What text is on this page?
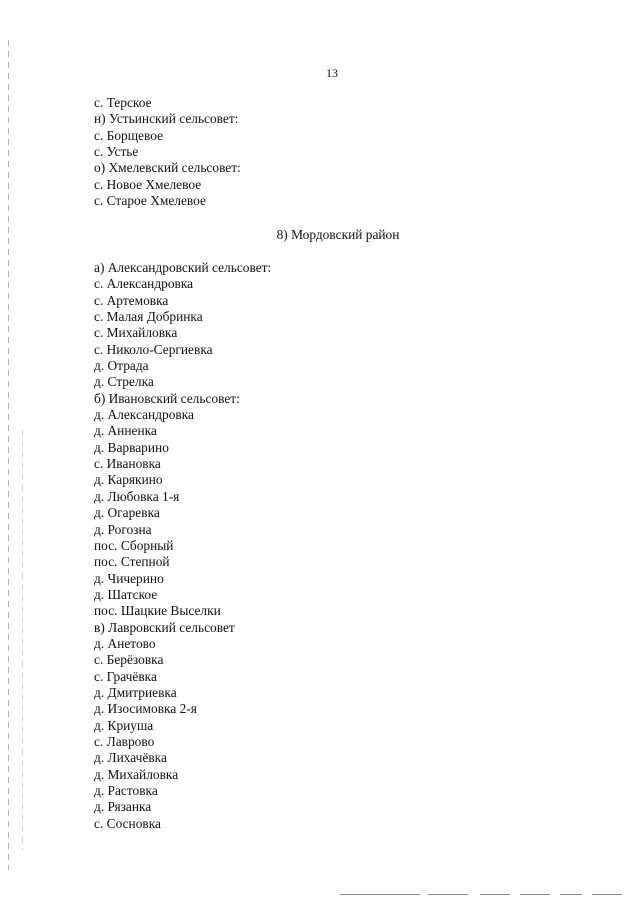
13
с. Терское
н) Устьинский сельсовет:
с. Борщевое
с. Устье
о) Хмелевский сельсовет:
с. Новое Хмелевое
с. Старое Хмелевое
8) Мордовский район
а) Александровский сельсовет:
с. Александровка
с. Артемовка
с. Малая Добринка
с. Михайловка
с. Николо-Сергиевка
д. Отрада
д. Стрелка
б) Ивановский сельсовет:
д. Александровка
д. Анненка
д. Варварино
с. Ивановка
д. Карякино
д. Любовка 1-я
д. Огаревка
д. Рогозна
пос. Сборный
пос. Степной
д. Чичерино
д. Шатское
пос. Шацкие Выселки
в) Лавровский сельсовет
д. Анетово
с. Берёзовка
с. Грачёвка
д. Дмитриевка
д. Изосимовка 2-я
д. Криуша
с. Лаврово
д. Лихачёвка
д. Михайловка
д. Растовка
д. Рязанка
с. Сосновка
